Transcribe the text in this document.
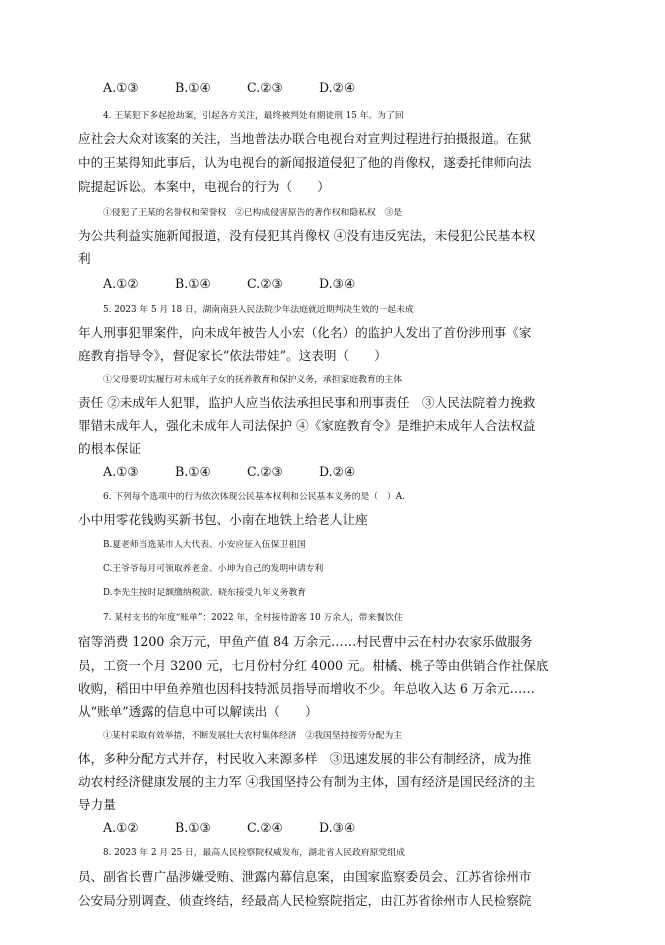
A.①③	B.①④	C.②③	D.②④
4. 王某犯下多起抢劫案，引起各方关注，最终被判处有期徒刑 15 年。为了回
应社会大众对该案的关注，当地普法办联合电视台对宣判过程进行拍摄报道。在狱
中的王某得知此事后，认为电视台的新闻报道侵犯了他的肖像权，遂委托律师向法
院提起诉讼。本案中，电视台的行为（　　）
①侵犯了王某的名誉权和荣誉权　②已构成侵害原告的著作权和隐私权　③是
为公共利益实施新闻报道，没有侵犯其肖像权 ④没有违反宪法，未侵犯公民基本权
利
A.①②	B.①④	C.②③	D.③④
5. 2023 年 5 月 18 日，湖南南县人民法院少年法庭就近期判决生效的一起未成
年人刑事犯罪案件，向未成年被告人小宏（化名）的监护人发出了首份涉刑事《家
庭教育指导令》，督促家长“依法带娃”。这表明（　　）
①父母要切实履行对未成年子女的抚养教育和保护义务，承担家庭教育的主体
责任 ②未成年人犯罪，监护人应当依法承担民事和刑事责任　③人民法院着力挽救
罪错未成年人，强化未成年人司法保护 ④《家庭教育令》是维护未成年人合法权益
的根本保证
A.①③	B.①④	C.②③	D.②④
6. 下列每个选项中的行为依次体现公民基本权利和公民基本义务的是（　）A.
小中用零花钱购买新书包、小南在地铁上给老人让座
B.夏老师当选某市人大代表、小安应征入伍保卫祖国
C.王爷爷每月可领取养老金、小坤为自己的发明申请专利
D.李先生按时足额缴纳税款、晓东接受九年义务教育
7. 某村支书的年度“账单”：2022 年，全村接待游客 10 万余人，带来餐饮住
宿等消费 1200 余万元，甲鱼产值 84 万余元……村民曹中云在村办农家乐做服务
员，工资一个月 3200 元，七月份村分红 4000 元。柑橘、桃子等由供销合作社保底
收购，稻田中甲鱼养殖也因科技特派员指导而增收不少。年总收入达 6 万余元……
从“账单”透露的信息中可以解读出（　　）
①某村采取有效举措，不断发展壮大农村集体经济　②我国坚持按劳分配为主
体，多种分配方式并存，村民收入来源多样　③迅速发展的非公有制经济，成为推
动农村经济健康发展的主力军 ④我国坚持公有制为主体，国有经济是国民经济的主
导力量
A.①②	B.①③	C.②④	D.③④
8. 2023 年 2 月 25 日，最高人民检察院权威发布，湖北省人民政府原党组成
员、副省长曹广晶涉嫌受贿、泄露内幕信息案，由国家监察委员会、江苏省徐州市
公安局分别调查、侦查终结，经最高人民检察院指定，由江苏省徐州市人民检察院
